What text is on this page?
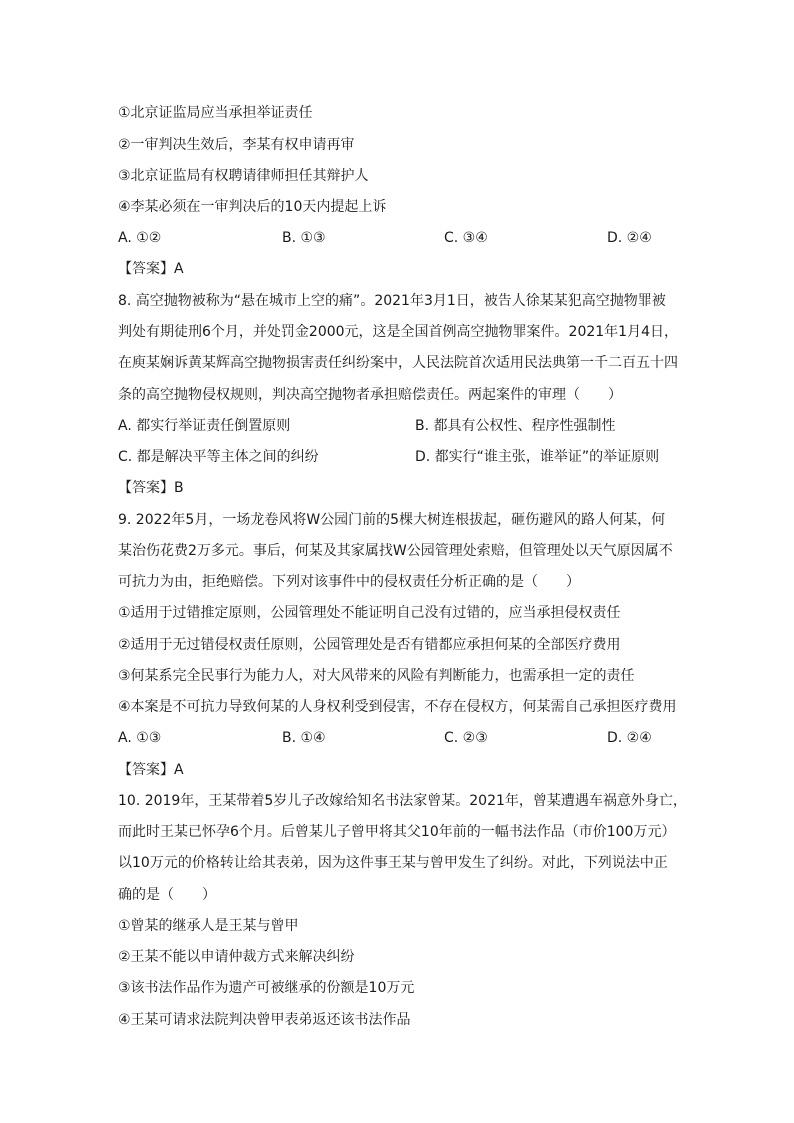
①北京证监局应当承担举证责任
②一审判决生效后，李某有权申请再审
③北京证监局有权聘请律师担任其辩护人
④李某必须在一审判决后的10天内提起上诉
A. ①②	B. ①③	C. ③④	D. ②④
【答案】A
8. 高空抛物被称为“悬在城市上空的痛”。2021年3月1日，被告人徐某某犯高空抛物罪被
判处有期徒刑6个月，并处罚金2000元，这是全国首例高空抛物罪案件。2021年1月4日，
在庾某娴诉黄某辉高空抛物损害责任纠纷案中，人民法院首次适用民法典第一千二百五十四
条的高空抛物侵权规则，判决高空抛物者承担赔偿责任。两起案件的审理（　　）
A. 都实行举证责任倒置原则	B. 都具有公权性、程序性强制性
C. 都是解决平等主体之间的纠纷	D. 都实行“谁主张，谁举证”的举证原则
【答案】B
9. 2022年5月，一场龙卷风将W公园门前的5棵大树连根拔起，砸伤避风的路人何某，何
某治伤花费2万多元。事后，何某及其家属找W公园管理处索赔，但管理处以天气原因属不
可抗力为由，拒绝赔偿。下列对该事件中的侵权责任分析正确的是（　　）
①适用于过错推定原则，公园管理处不能证明自己没有过错的，应当承担侵权责任
②适用于无过错侵权责任原则，公园管理处是否有错都应承担何某的全部医疗费用
③何某系完全民事行为能力人，对大风带来的风险有判断能力，也需承担一定的责任
④本案是不可抗力导致何某的人身权利受到侵害，不存在侵权方，何某需自己承担医疗费用
A. ①③	B. ①④	C. ②③	D. ②④
【答案】A
10. 2019年，王某带着5岁儿子改嫁给知名书法家曾某。2021年，曾某遭遇车祸意外身亡，
而此时王某已怀孕6个月。后曾某儿子曾甲将其父10年前的一幅书法作品（市价100万元）
以10万元的价格转让给其表弟，因为这件事王某与曾甲发生了纠纷。对此，下列说法中正
确的是（　　）
①曾某的继承人是王某与曾甲
②王某不能以申请仲裁方式来解决纠纷
③该书法作品作为遗产可被继承的份额是10万元
④王某可请求法院判决曾甲表弟返还该书法作品
